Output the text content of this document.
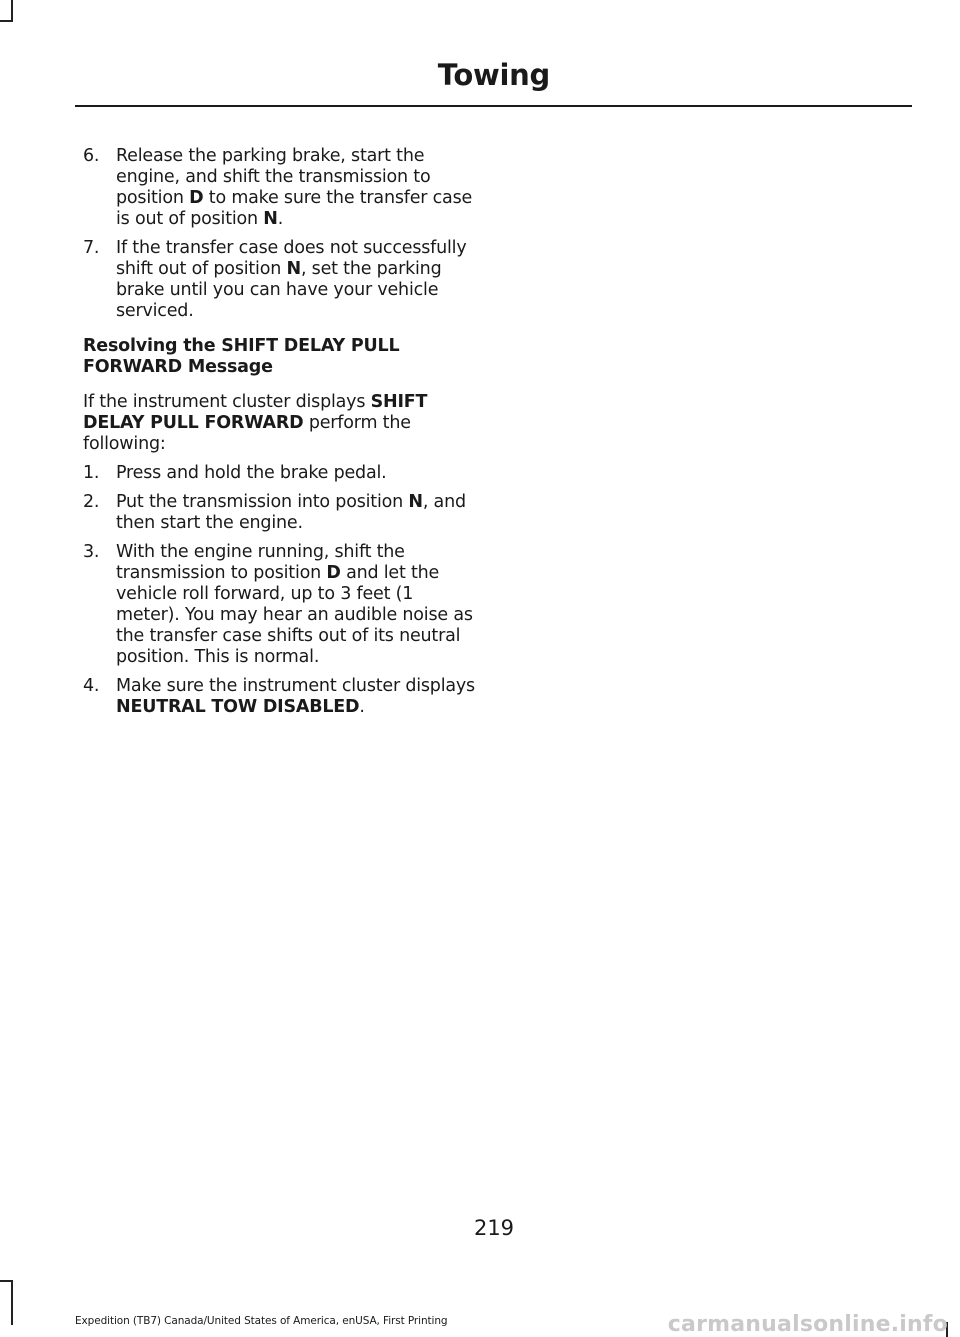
Towing
6. Release the parking brake, start the engine, and shift the transmission to position D to make sure the transfer case is out of position N.
7. If the transfer case does not successfully shift out of position N, set the parking brake until you can have your vehicle serviced.
Resolving the SHIFT DELAY PULL FORWARD Message

If the instrument cluster displays SHIFT DELAY PULL FORWARD perform the following:

1. Press and hold the brake pedal.
2. Put the transmission into position N, and then start the engine.
3. With the engine running, shift the transmission to position D and let the vehicle roll forward, up to 3 feet (1 meter). You may hear an audible noise as the transfer case shifts out of its neutral position. This is normal.
4. Make sure the instrument cluster displays NEUTRAL TOW DISABLED.
219
Expedition (TB7) Canada/United States of America, enUSA, First Printing	carmanualsonline.info
